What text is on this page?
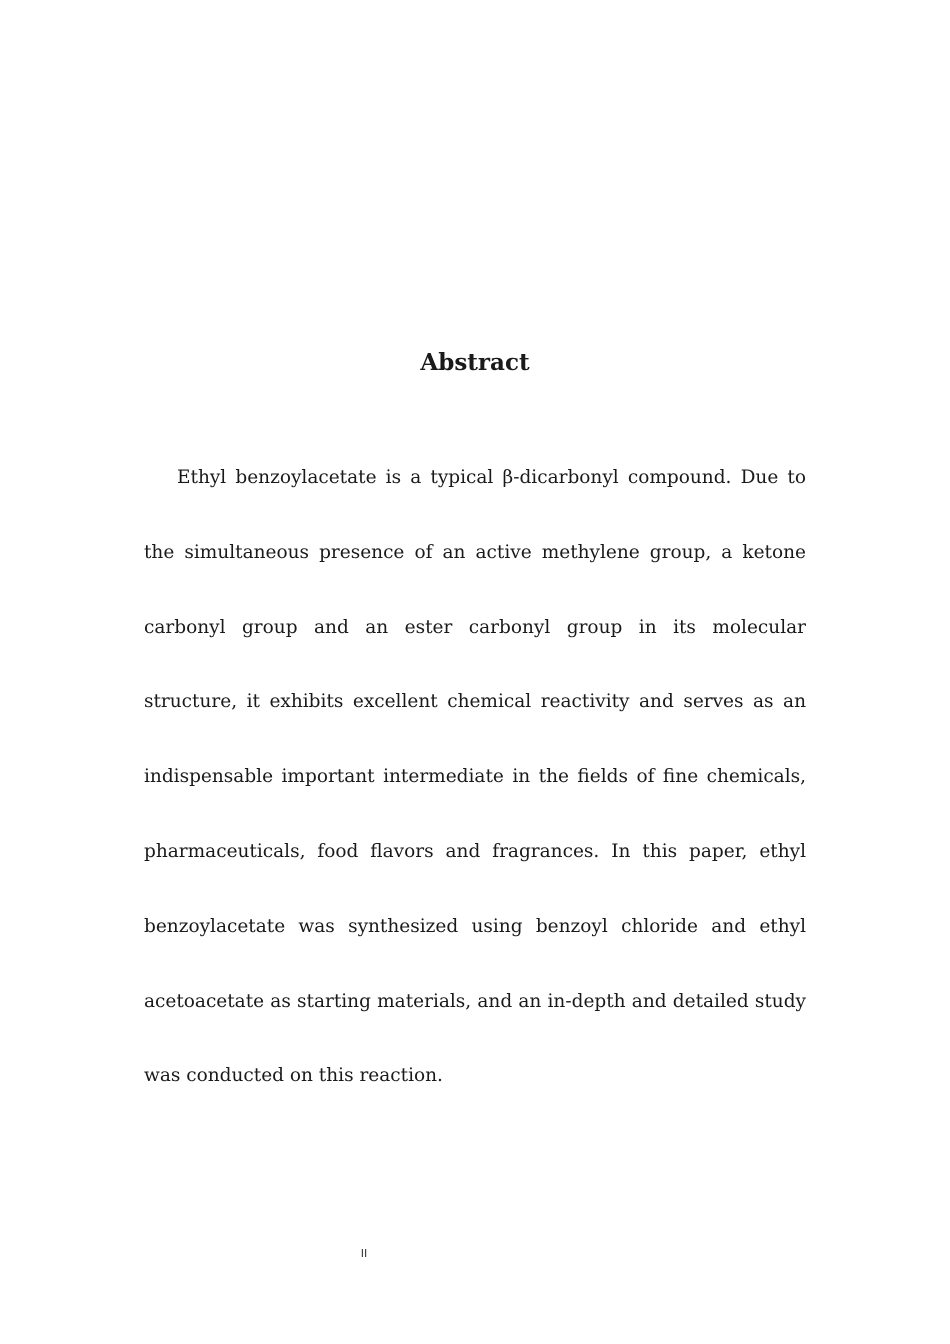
Abstract

Ethyl benzoylacetate is a typical β-dicarbonyl compound. Due to the simultaneous presence of an active methylene group, a ketone carbonyl group and an ester carbonyl group in its molecular structure, it exhibits excellent chemical reactivity and serves as an indispensable important intermediate in the fields of fine chemicals, pharmaceuticals, food flavors and fragrances. In this paper, ethyl benzoylacetate was synthesized using benzoyl chloride and ethyl acetoacetate as starting materials, and an in-depth and detailed study was conducted on this reaction.

II
